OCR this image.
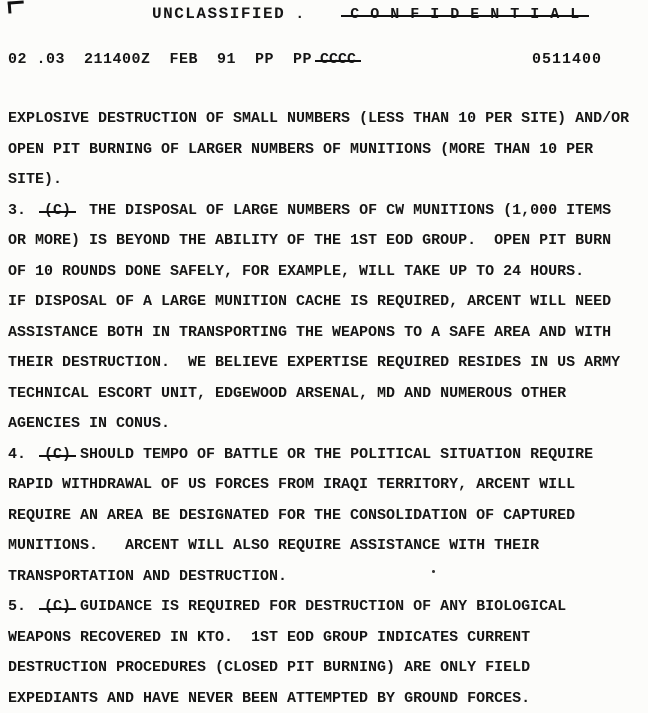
UNCLASSIFIED .	C O N F I D E N T I A L
02 .03  211400Z  FEB  91  PP  PP CCCC	0511400
EXPLOSIVE DESTRUCTION OF SMALL NUMBERS (LESS THAN 10 PER SITE) AND/OR
OPEN PIT BURNING OF LARGER NUMBERS OF MUNITIONS (MORE THAN 10 PER
SITE).
3.  (C)  THE DISPOSAL OF LARGE NUMBERS OF CW MUNITIONS (1,000 ITEMS
OR MORE) IS BEYOND THE ABILITY OF THE 1ST EOD GROUP.  OPEN PIT BURN
OF 10 ROUNDS DONE SAFELY, FOR EXAMPLE, WILL TAKE UP TO 24 HOURS.
IF DISPOSAL OF A LARGE MUNITION CACHE IS REQUIRED, ARCENT WILL NEED
ASSISTANCE BOTH IN TRANSPORTING THE WEAPONS TO A SAFE AREA AND WITH
THEIR DESTRUCTION.  WE BELIEVE EXPERTISE REQUIRED RESIDES IN US ARMY
TECHNICAL ESCORT UNIT, EDGEWOOD ARSENAL, MD AND NUMEROUS OTHER
AGENCIES IN CONUS.
4.  (C) SHOULD TEMPO OF BATTLE OR THE POLITICAL SITUATION REQUIRE
RAPID WITHDRAWAL OF US FORCES FROM IRAQI TERRITORY, ARCENT WILL
REQUIRE AN AREA BE DESIGNATED FOR THE CONSOLIDATION OF CAPTURED
MUNITIONS.   ARCENT WILL ALSO REQUIRE ASSISTANCE WITH THEIR
TRANSPORTATION AND DESTRUCTION.
5.  (C) GUIDANCE IS REQUIRED FOR DESTRUCTION OF ANY BIOLOGICAL
WEAPONS RECOVERED IN KTO.  1ST EOD GROUP INDICATES CURRENT
DESTRUCTION PROCEDURES (CLOSED PIT BURNING) ARE ONLY FIELD
EXPEDIANTS AND HAVE NEVER BEEN ATTEMPTED BY GROUND FORCES.
